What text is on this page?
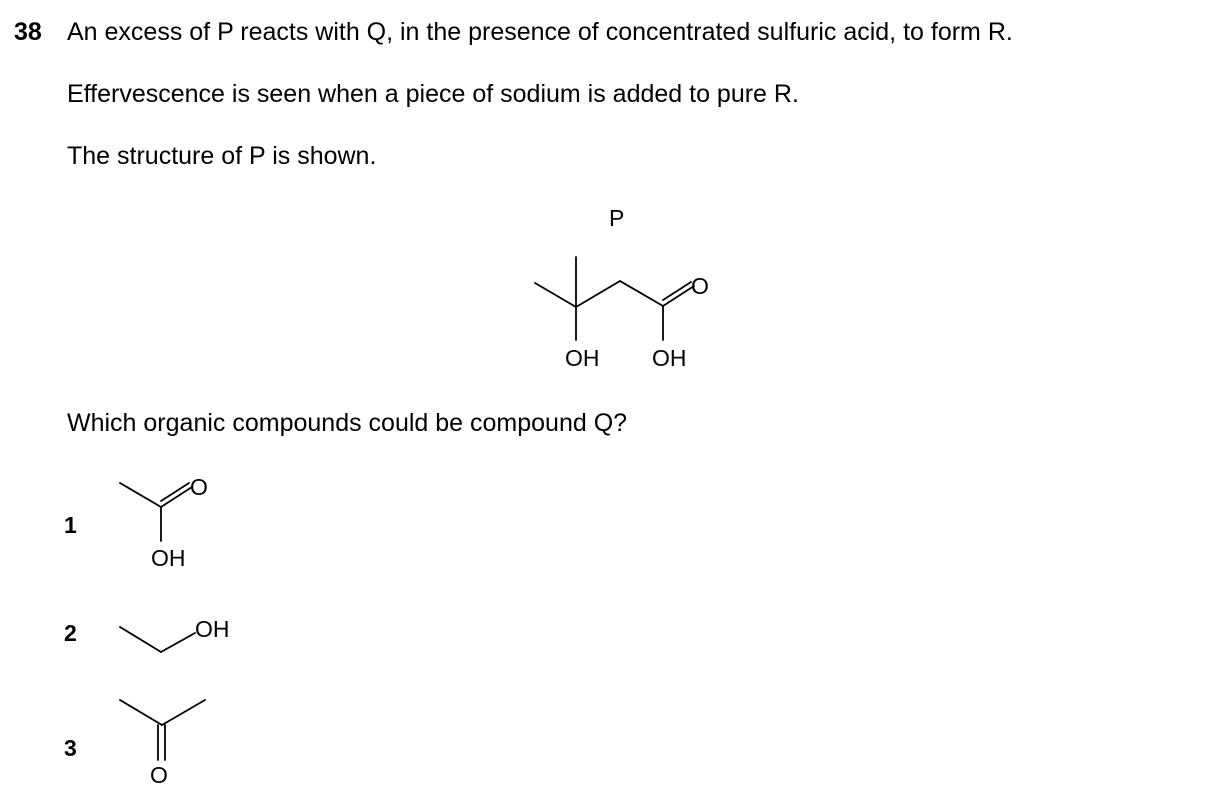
38 An excess of P reacts with Q, in the presence of concentrated sulfuric acid, to form R.
Effervescence is seen when a piece of sodium is added to pure R.
The structure of P is shown.
Which organic compounds could be compound Q?
1
2
3
P
O
OH OH
O
OH
OH
O
